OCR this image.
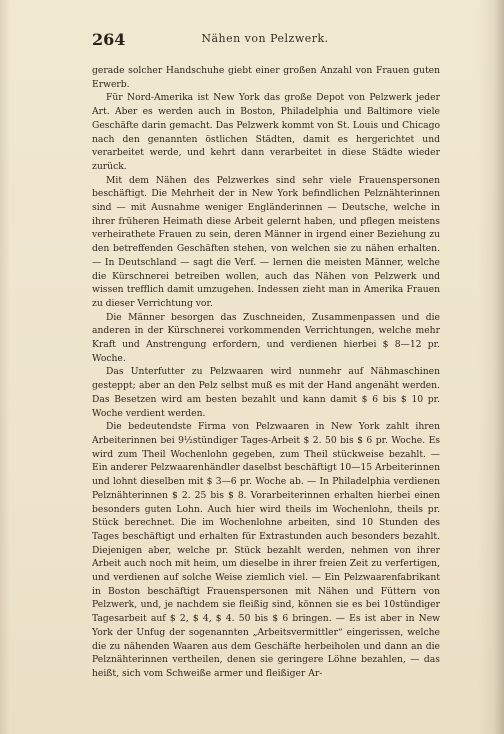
264	Nähen von Pelzwerk.

gerade solcher Handschuhe giebt einer großen Anzahl von Frauen guten Erwerb.

Für Nord-Amerika ist New York das große Depot von Pelzwerk jeder Art. Aber es werden auch in Boston, Philadelphia und Baltimore viele Geschäfte darin gemacht. Das Pelzwerk kommt von St. Louis und Chicago nach den genannten östlichen Städten, damit es hergerichtet und verarbeitet werde, und kehrt dann verarbeitet in diese Städte wieder zurück.

Mit dem Nähen des Pelzwerkes sind sehr viele Frauenspersonen beschäftigt. Die Mehrheit der in New York befindlichen Pelznähterinnen sind — mit Ausnahme weniger Engländerinnen — Deutsche, welche in ihrer früheren Heimath diese Arbeit gelernt haben, und pflegen meistens verheirathete Frauen zu sein, deren Männer in irgend einer Beziehung zu den betreffenden Geschäften stehen, von welchen sie zu nähen erhalten. — In Deutschland — sagt die Verf. — lernen die meisten Männer, welche die Kürschnerei betreiben wollen, auch das Nähen von Pelzwerk und wissen trefflich damit umzugehen. Indessen zieht man in Amerika Frauen zu dieser Verrichtung vor.

Die Männer besorgen das Zuschneiden, Zusammenpassen und die anderen in der Kürschnerei vorkommenden Verrichtungen, welche mehr Kraft und Anstrengung erfordern, und verdienen hierbei $ 8—12 pr. Woche.

Das Unterfutter zu Pelzwaaren wird nunmehr auf Nähmaschinen gesteppt; aber an den Pelz selbst muß es mit der Hand angenäht werden. Das Besetzen wird am besten bezahlt und kann damit $ 6 bis $ 10 pr. Woche verdient werden.

Die bedeutendste Firma von Pelzwaaren in New York zahlt ihren Arbeiterinnen bei 9½stündiger Tages-Arbeit $ 2. 50 bis $ 6 pr. Woche. Es wird zum Theil Wochenlohn gegeben, zum Theil stückweise bezahlt. — Ein anderer Pelzwaarenhändler daselbst beschäftigt 10—15 Arbeiterinnen und lohnt dieselben mit $ 3—6 pr. Woche ab. — In Philadelphia verdienen Pelznähterinnen $ 2. 25 bis $ 8. Vorarbeiterinnen erhalten hierbei einen besonders guten Lohn. Auch hier wird theils im Wochenlohn, theils pr. Stück berechnet. Die im Wochenlohne arbeiten, sind 10 Stunden des Tages beschäftigt und erhalten für Extrastunden auch besonders bezahlt. Diejenigen aber, welche pr. Stück bezahlt werden, nehmen von ihrer Arbeit auch noch mit heim, um dieselbe in ihrer freien Zeit zu verfertigen, und verdienen auf solche Weise ziemlich viel. — Ein Pelzwaarenfabrikant in Boston beschäftigt Frauenspersonen mit Nähen und Füttern von Pelzwerk, und, je nachdem sie fleißig sind, können sie es bei 10stündiger Tagesarbeit auf $ 2, $ 4, $ 4. 50 bis $ 6 bringen. — Es ist aber in New York der Unfug der sogenannten „Arbeitsvermittler“ eingerissen, welche die zu nähenden Waaren aus dem Geschäfte herbeiholen und dann an die Pelznähterinnen vertheilen, denen sie geringere Löhne bezahlen, — das heißt, sich vom Schweiße armer und fleißiger Ar-
